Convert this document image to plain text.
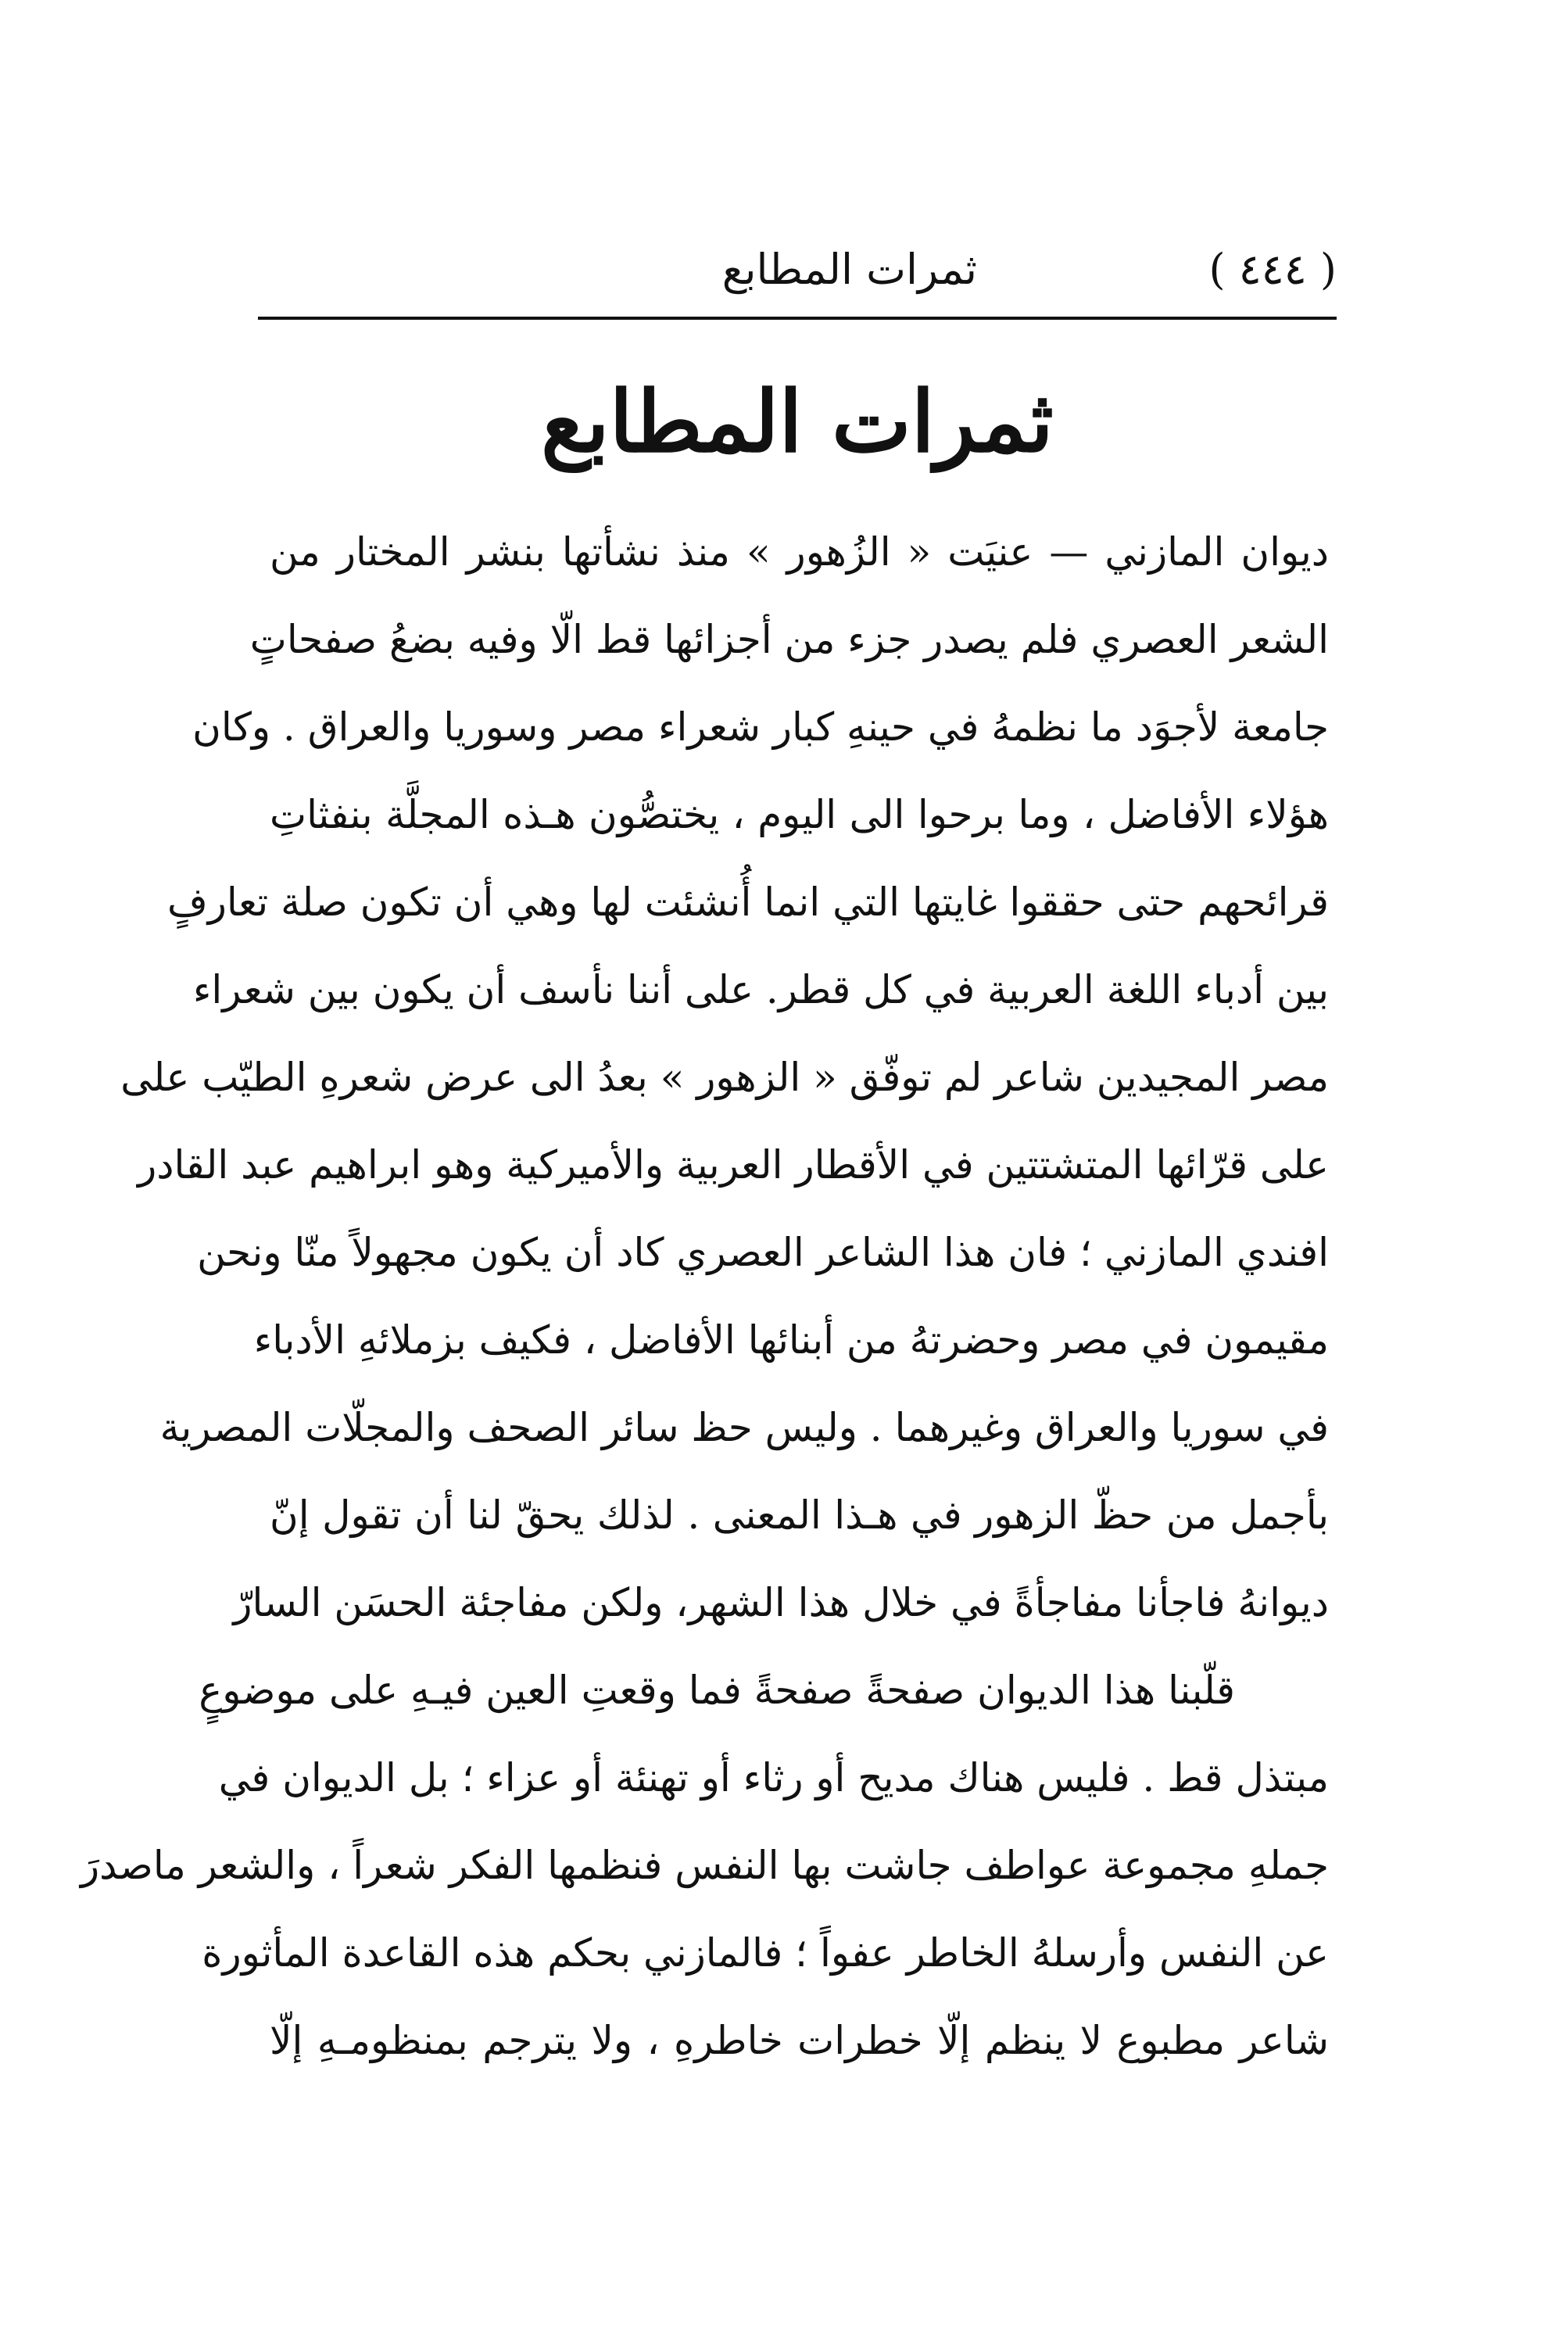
ثمرات المطابع	( ٤٤٤ )
ثمرات المطابع
ديوان المازني — عنيَت « الزُهور » منذ نشأتها بنشر المختار من
الشعر العصري فلم يصدر جزء من أجزائها قط الّا وفيه بضعُ صفحاتٍ
جامعة لأجوَد ما نظمهُ في حينهِ كبار شعراء مصر وسوريا والعراق . وكان
هؤلاء الأفاضل ، وما برحوا الى اليوم ، يختصُّون هـذه المجلَّة بنفثاتِ
قرائحهم حتى حققوا غايتها التي انما أُنشئت لها وهي أن تكون صلة تعارفٍ
بين أدباء اللغة العربية في كل قطر. على أننا نأسف أن يكون بين شعراء
مصر المجيدين شاعر لم توفّق « الزهور » بعدُ الى عرض شعرهِ الطيّب على
على قرّائها المتشتتين في الأقطار العربية والأميركية وهو ابراهيم عبد القادر
افندي المازني ؛ فان هذا الشاعر العصري كاد أن يكون مجهولاً منّا ونحن
مقيمون في مصر وحضرتهُ من أبنائها الأفاضل ، فكيف بزملائهِ الأدباء
في سوريا والعراق وغيرهما . وليس حظ سائر الصحف والمجلّات المصرية
بأجمل من حظّ الزهور في هـذا المعنى . لذلك يحقّ لنا أن تقول إنّ
ديوانهُ فاجأنا مفاجأةً في خلال هذا الشهر، ولكن مفاجئة الحسَن السارّ
قلّبنا هذا الديوان صفحةً صفحةً فما وقعتِ العين فيـهِ على موضوعٍ
مبتذل قط . فليس هناك مديح أو رثاء أو تهنئة أو عزاء ؛ بل الديوان في
جملهِ مجموعة عواطف جاشت بها النفس فنظمها الفكر شعراً ، والشعر ماصدرَ
عن النفس وأرسلهُ الخاطر عفواً ؛ فالمازني بحكم هذه القاعدة المأثورة
شاعر مطبوع لا ينظم إلّا خطرات خاطرهِ ، ولا يترجم بمنظومـهِ إلّا
